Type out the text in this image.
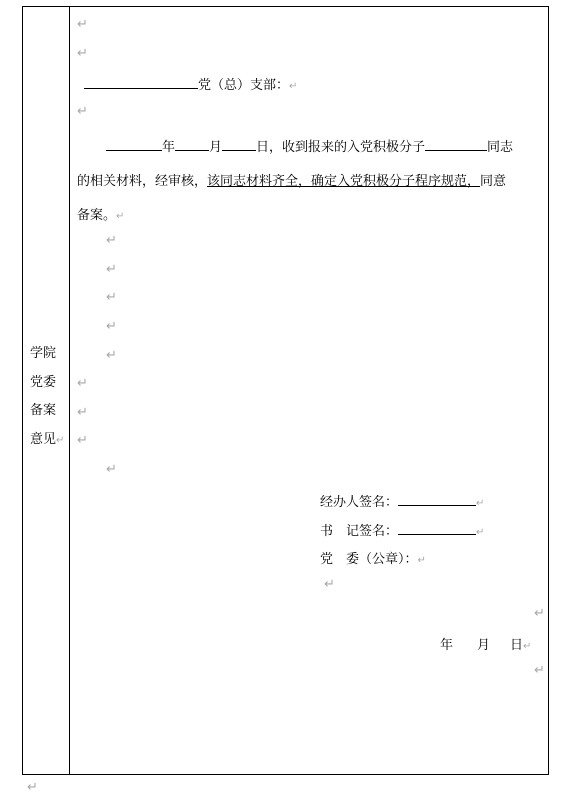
学院
党委
备案
意见↵
↵
↵
党（总）支部：↵
↵
年	月	日，收到报来的入党积极分子	同志
的相关材料，经审核，该同志材料齐全，确定入党积极分子程序规范，同意
备案。↵
↵
↵
↵
↵
↵
↵
↵
↵
↵
经办人签名：	↵
书　记签名：	↵
党　委（公章）：↵
↵
↵
年 月 日↵
↵
↵
